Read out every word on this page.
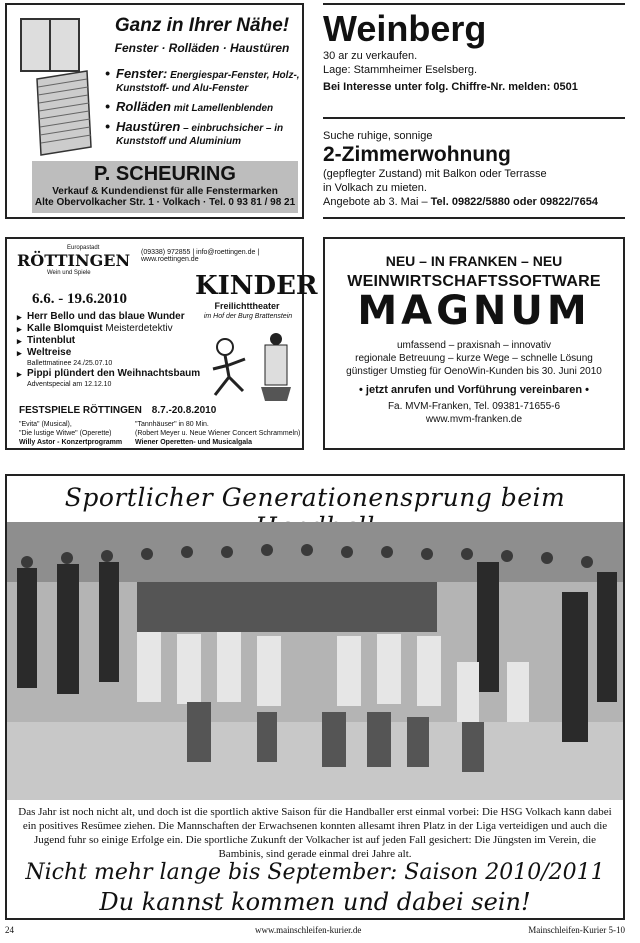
Ganz in Ihrer Nähe!
Fenster · Rolläden · Haustüren
• Fenster: Energiespar-Fenster, Holz-, Kunststoff- und Alu-Fenster
• Rolläden mit Lamellenblenden
• Haustüren – einbruchsicher – in Kunststoff und Aluminium
P. SCHEURING
Verkauf & Kundendienst für alle Fenstermarken
Alte Obervolkacher Str. 1 · Volkach · Tel. 0 93 81 / 98 21
Weinberg
30 ar zu verkaufen.
Lage: Stammheimer Eselsberg.
Bei Interesse unter folg. Chiffre-Nr. melden: 0501
Suche ruhige, sonnige
2-Zimmerwohnung
(gepflegter Zustand) mit Balkon oder Terrasse
in Volkach zu mieten.
Angebote ab 3. Mai – Tel. 09822/5880 oder 09822/7654
Europastadt
RÖTTINGEN
Wein und Spiele
(09338) 972855 | info@roettingen.de | www.roettingen.de
6.6. - 19.6.2010	KINDER
Freilichttheater
im Hof der Burg Brattenstein
▸ Herr Bello und das blaue Wunder
▸ Kalle Blomquist Meisterdetektiv
▸ Tintenblut
▸ Weltreise
Ballettmatinee 24./25.07.10
▸ Pippi plündert den Weihnachtsbaum
Adventspecial am 12.12.10
FESTSPIELE RÖTTINGEN 8.7.-20.8.2010
"Evita" (Musical),
"Die lustige Witwe" (Operette)
Willy Astor - Konzertprogramm
"Tannhäuser" in 80 Min.
(Robert Meyer u. Neue Wiener Concert Schrammeln)
Wiener Operetten- und Musicalgala
NEU – IN FRANKEN – NEU
WEINWIRTSCHAFTSSOFTWARE
MAGNUM
umfassend – praxisnah – innovativ
regionale Betreuung – kurze Wege – schnelle Lösung
günstiger Umstieg für OenoWin-Kunden bis 30. Juni 2010
• jetzt anrufen und Vorführung vereinbaren •
Fa. MVM-Franken, Tel. 09381-71655-6
www.mvm-franken.de
Sportlicher Generationensprung beim
Das Jahr ist noch nicht alt, und doch ist die sportlich aktive Saison für die Handballer erst einmal vorbei: Die HSG Volkach kann dabei ein positives Resümee ziehen. Die Mannschaften der Erwachsenen konnten allesamt ihren Platz in der Liga verteidigen und auch die Jugend fuhr so einige Erfolge ein. Die sportliche Zukunft der Volkacher ist auf jeden Fall gesichert: Die Jüngsten im Verein, die Bambinis, sind gerade einmal drei Jahre alt.
Nicht mehr lange bis September: Saison 2010/2011
Du kannst kommen und dabei sein!
24	www.mainschleifen-kurier.de	Mainschleifen-Kurier 5-10
